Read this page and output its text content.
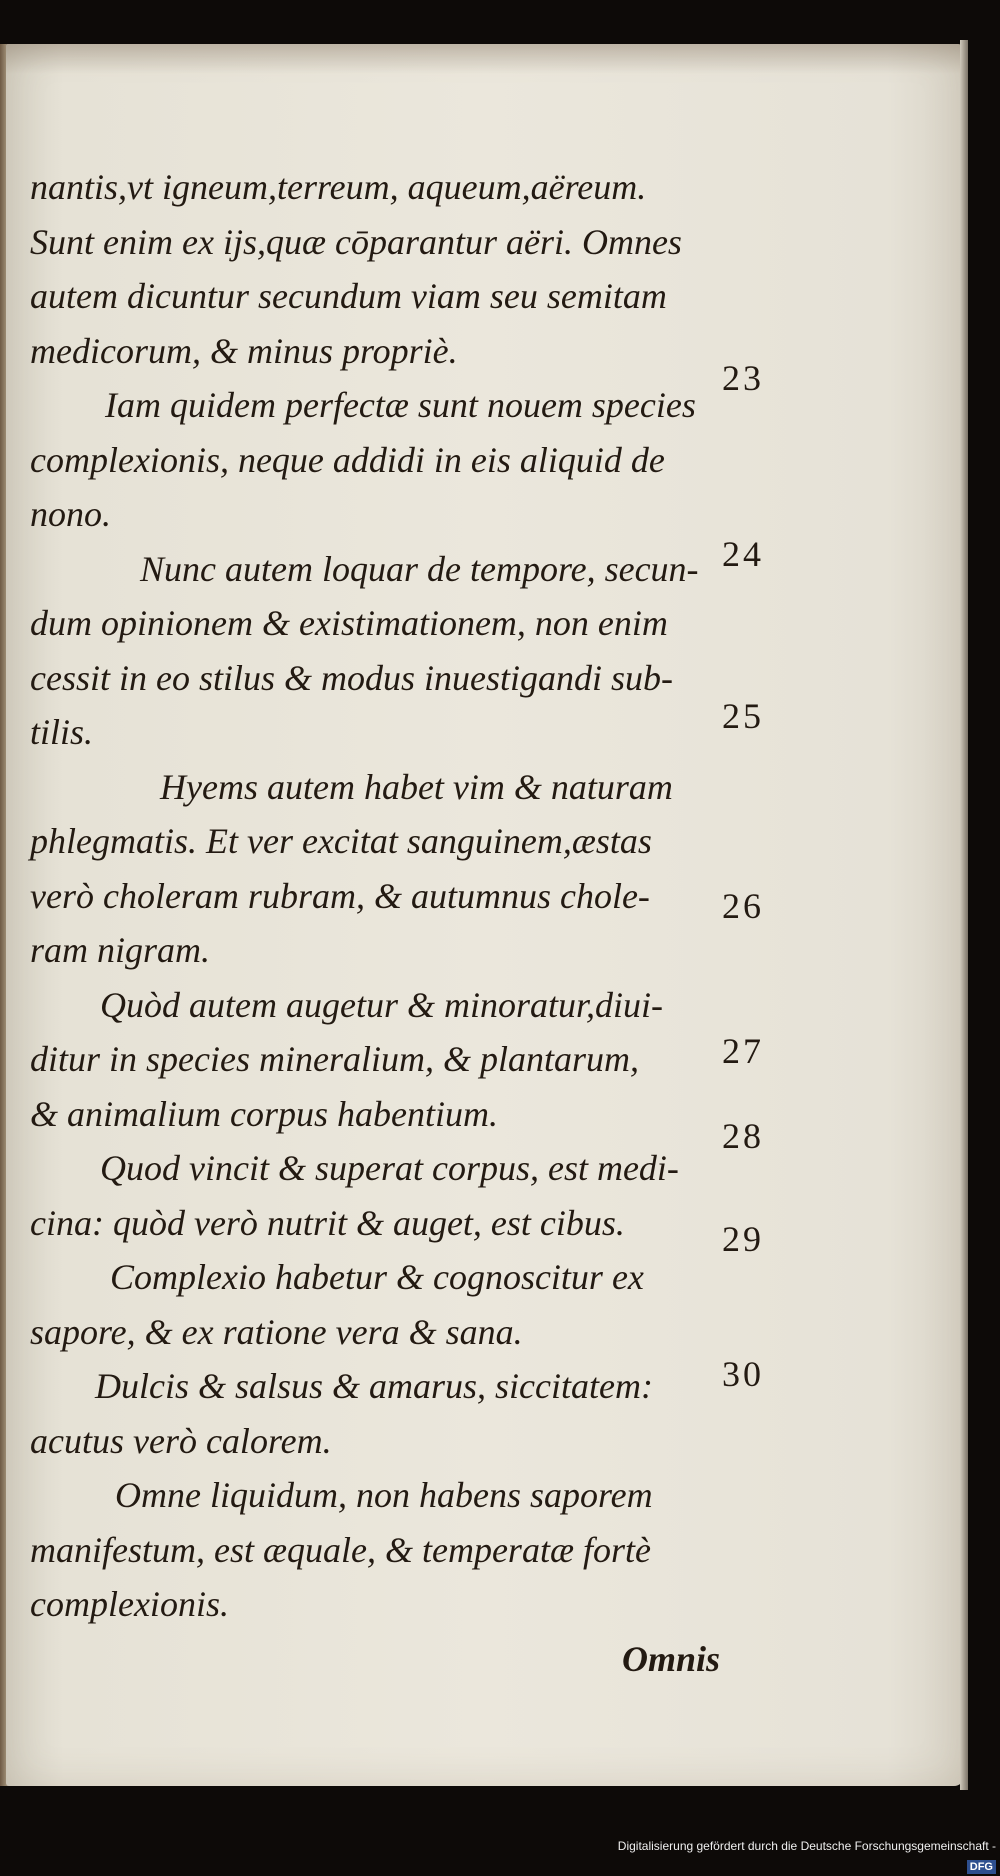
nantis,vt igneum,terreum, aqueum,aëreum.
Sunt enim ex ijs,quæ cōparantur aëri. Omnes
autem dicuntur secundum viam seu semitam
medicorum, & minus propriè.
Iam quidem perfectæ sunt nouem species
complexionis, neque addidi in eis aliquid de
nono.
Nunc autem loquar de tempore, secun-
dum opinionem & existimationem, non enim
cessit in eo stilus & modus inuestigandi sub-
tilis.
Hyems autem habet vim & naturam
phlegmatis. Et ver excitat sanguinem,æstas
verò choleram rubram, & autumnus chole-
ram nigram.
Quòd autem augetur & minoratur,diui-
ditur in species mineralium, & plantarum,
& animalium corpus habentium.
Quod vincit & superat corpus, est medi-
cina: quòd verò nutrit & auget, est cibus.
Complexio habetur & cognoscitur ex
sapore, & ex ratione vera & sana.
Dulcis & salsus & amarus, siccitatem:
acutus verò calorem.
Omne liquidum, non habens saporem
manifestum, est æquale, & temperatæ fortè
complexionis.
Omnis
23
24
25
26
27
28
29
30
Digitalisierung gefördert durch die Deutsche Forschungsgemeinschaft -DFG
